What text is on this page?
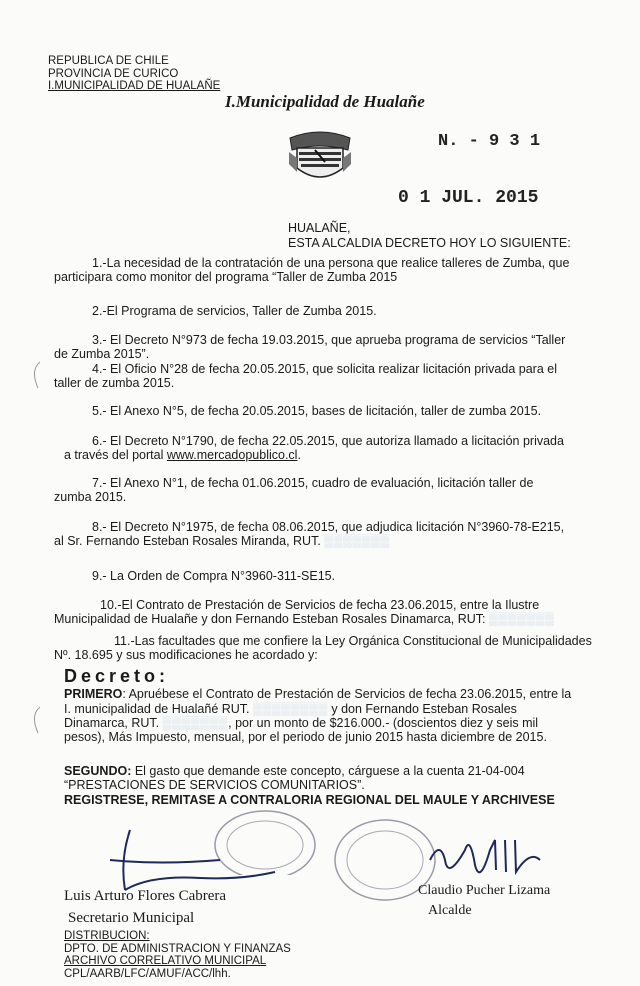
REPUBLICA DE CHILE
PROVINCIA DE CURICO
I.MUNICIPALIDAD DE HUALAÑE
I.Municipalidad de Hualañe
N. - 9 3 1
0 1 JUL. 2015
HUALAÑE,
ESTA ALCALDIA DECRETO HOY LO SIGUIENTE:
1.-La necesidad de la contratación de una persona que realice talleres de Zumba, que
participara como monitor del programa “Taller de Zumba 2015
2.-El Programa de servicios, Taller de Zumba 2015.
3.- El Decreto N°973 de fecha 19.03.2015, que aprueba programa de servicios “Taller
de Zumba 2015”.
4.- El Oficio N°28 de fecha 20.05.2015, que solicita realizar licitación privada para el
taller de zumba 2015.
5.- El Anexo N°5, de fecha 20.05.2015, bases de licitación, taller de zumba 2015.
6.- El Decreto N°1790, de fecha 22.05.2015, que autoriza llamado a licitación privada
a través del portal www.mercadopublico.cl.
7.- El Anexo N°1, de fecha 01.06.2015, cuadro de evaluación, licitación taller de
zumba 2015.
8.- El Decreto N°1975, de fecha 08.06.2015, que adjudica licitación N°3960-78-E215,
al Sr. Fernando Esteban Rosales Miranda, RUT. ▒▒▒▒▒▒▒
9.- La Orden de Compra N°3960-311-SE15.
10.-El Contrato de Prestación de Servicios de fecha 23.06.2015, entre la Ilustre
Municipalidad de Hualañe y don Fernando Esteban Rosales Dinamarca, RUT: ▒▒▒▒▒▒▒
11.-Las facultades que me confiere la Ley Orgánica Constitucional de Municipalidades
Nº. 18.695 y sus modificaciones he acordado y:
Decreto:
PRIMERO: Apruébese el Contrato de Prestación de Servicios de fecha 23.06.2015, entre la
I. municipalidad de Hualañé RUT. ▒▒▒▒▒▒▒▒ y don Fernando Esteban Rosales
Dinamarca, RUT. ▒▒▒▒▒▒▒, por un monto de $216.000.- (doscientos diez y seis mil
pesos), Más Impuesto, mensual, por el periodo de junio 2015 hasta diciembre de 2015.
SEGUNDO: El gasto que demande este concepto, cárguese a la cuenta 21-04-004
“PRESTACIONES DE SERVICIOS COMUNITARIOS”.
REGISTRESE, REMITASE A CONTRALORIA REGIONAL DEL MAULE Y ARCHIVESE
Luis Arturo Flores Cabrera
Secretario Municipal
Claudio Pucher Lizama
Alcalde
DISTRIBUCION:
DPTO. DE ADMINISTRACION Y FINANZAS
ARCHIVO CORRELATIVO MUNICIPAL
CPL/AARB/LFC/AMUF/ACC/lhh.
